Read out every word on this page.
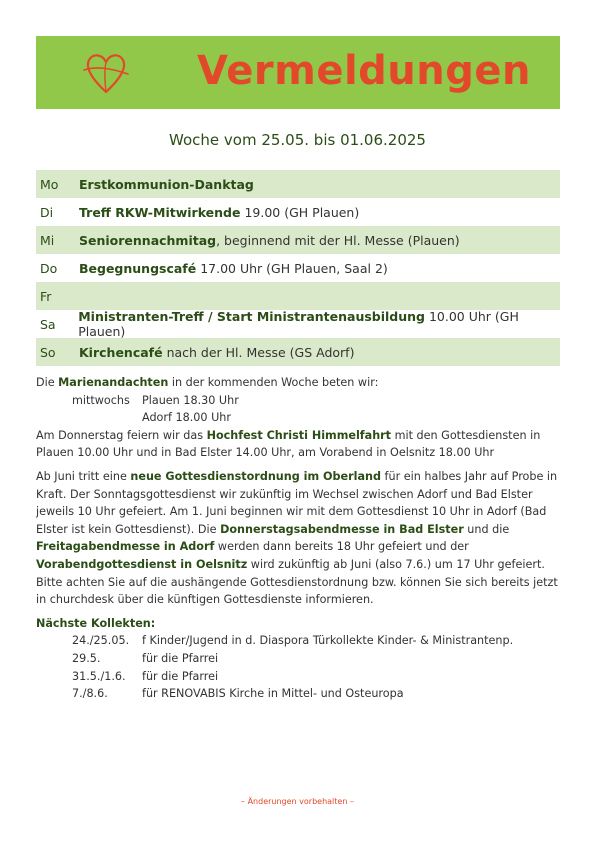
Vermeldungen
Woche vom 25.05. bis 01.06.2025
Mo	Erstkommunion-Danktag
Di	Treff RKW-Mitwirkende 19.00 (GH Plauen)
Mi	Seniorennachmitag, beginnend mit der Hl. Messe (Plauen)
Do	Begegnungscafé 17.00 Uhr (GH Plauen, Saal 2)
Fr
Sa	Ministranten-Treff / Start Ministrantenausbildung 10.00 Uhr (GH Plauen)
So	Kirchencafé nach der Hl. Messe (GS Adorf)

Die Marienandachten in der kommenden Woche beten wir:

mittwochs Plauen 18.30 Uhr

Adorf 18.00 Uhr

Am Donnerstag feiern wir das Hochfest Christi Himmelfahrt mit den Gottesdiensten in Plauen 10.00 Uhr und in Bad Elster 14.00 Uhr, am Vorabend in Oelsnitz 18.00 Uhr

Ab Juni tritt eine neue Gottesdienstordnung im Oberland für ein halbes Jahr auf Probe in Kraft. Der Sonntagsgottesdienst wir zukünftig im Wechsel zwischen Adorf und Bad Elster jeweils 10 Uhr gefeiert. Am 1. Juni beginnen wir mit dem Gottesdienst 10 Uhr in Adorf (Bad Elster ist kein Gottesdienst). Die Donnerstagsabendmesse in Bad Elster und die Freitagabendmesse in Adorf werden dann bereits 18 Uhr gefeiert und der Vorabendgottesdienst in Oelsnitz wird zukünftig ab Juni (also 7.6.) um 17 Uhr gefeiert. Bitte achten Sie auf die aushängende Gottesdienstordnung bzw. können Sie sich bereits jetzt in churchdesk über die künftigen Gottesdienste informieren.

Nächste Kollekten:

24./25.05.	f Kinder/Jugend in d. Diaspora Türkollekte Kinder- & Ministrantenp.
29.5.	für die Pfarrei
31.5./1.6.	für die Pfarrei
7./8.6.	für RENOVABIS Kirche in Mittel- und Osteuropa
– Änderungen vorbehalten –
